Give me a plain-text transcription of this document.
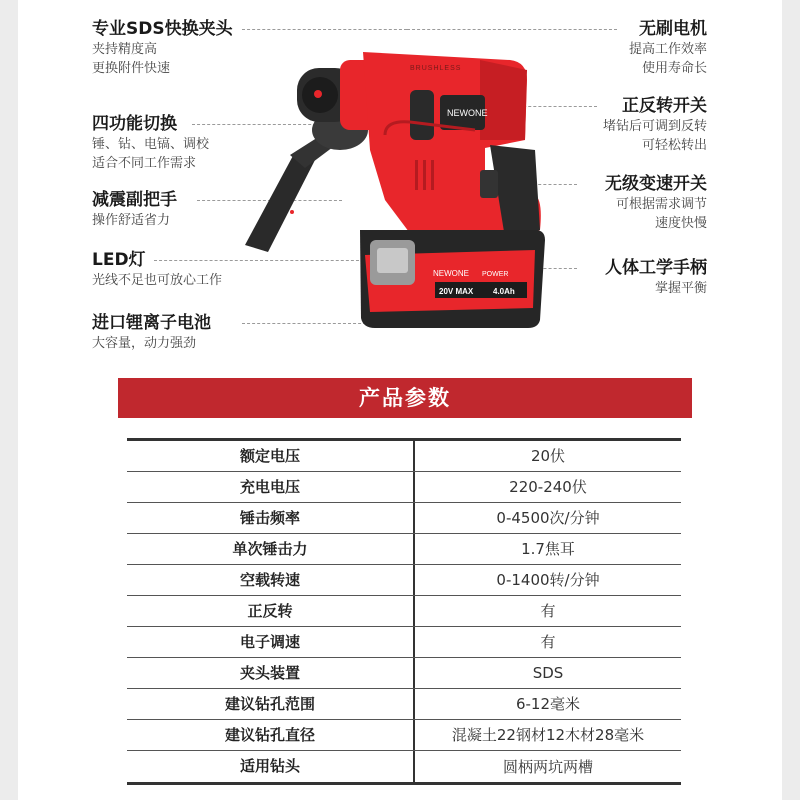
专业SDS快换夹头
夹持精度高
更换附件快速
四功能切换
锤、钻、电镐、调校
适合不同工作需求
减震副把手
操作舒适省力
LED灯
光线不足也可放心工作
进口锂离子电池
大容量，动力强劲
无刷电机
提高工作效率
使用寿命长
正反转开关
堵钻后可调到反转
可轻松转出
无级变速开关
可根据需求调节
速度快慢
人体工学手柄
掌握平衡
NEWONE
BRUSHLESS
NEWONE POWER
20V MAX 4.0Ah
产品参数
额定电压	20伏
充电电压	220-240伏
锤击频率	0-4500次/分钟
单次锤击力	1.7焦耳
空载转速	0-1400转/分钟
正反转	有
电子调速	有
夹头装置	SDS
建议钻孔范围	6-12毫米
建议钻孔直径	混凝土22钢材12木材28毫米
适用钻头	圆柄两坑两槽
